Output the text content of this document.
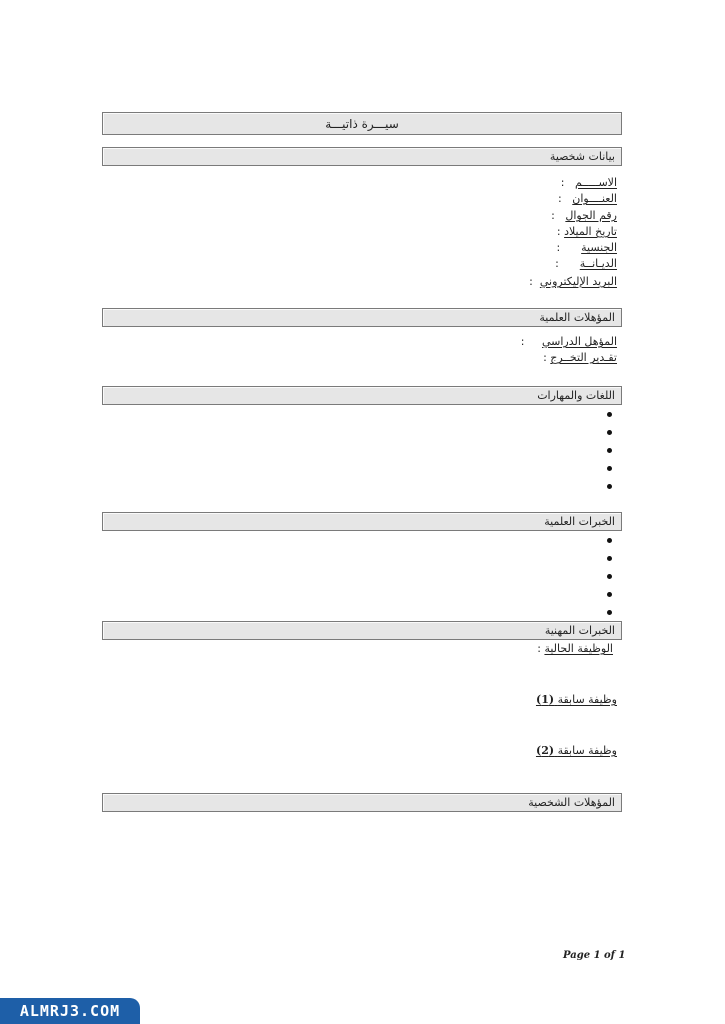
سيـــرة ذاتيـــة
بيانات شخصية
الاســـــم   :
العنــــوان   :
رقم الجوال   :
تاريخ الميلاد :
الجنسية      :
الديـانــة      :
البريد الإليكتروني  :
المؤهلات العلمية
المؤهل الدراسي     :
تقـدير التخــرج :
اللغات والمهارات
الخبرات العلمية
الخبرات المهنية
الوظيفة الحالية :
وظيفة سابقة (1)
وظيفة سابقة (2)
المؤهلات الشخصية
Page 1 of 1
ALMRJ3.COM
